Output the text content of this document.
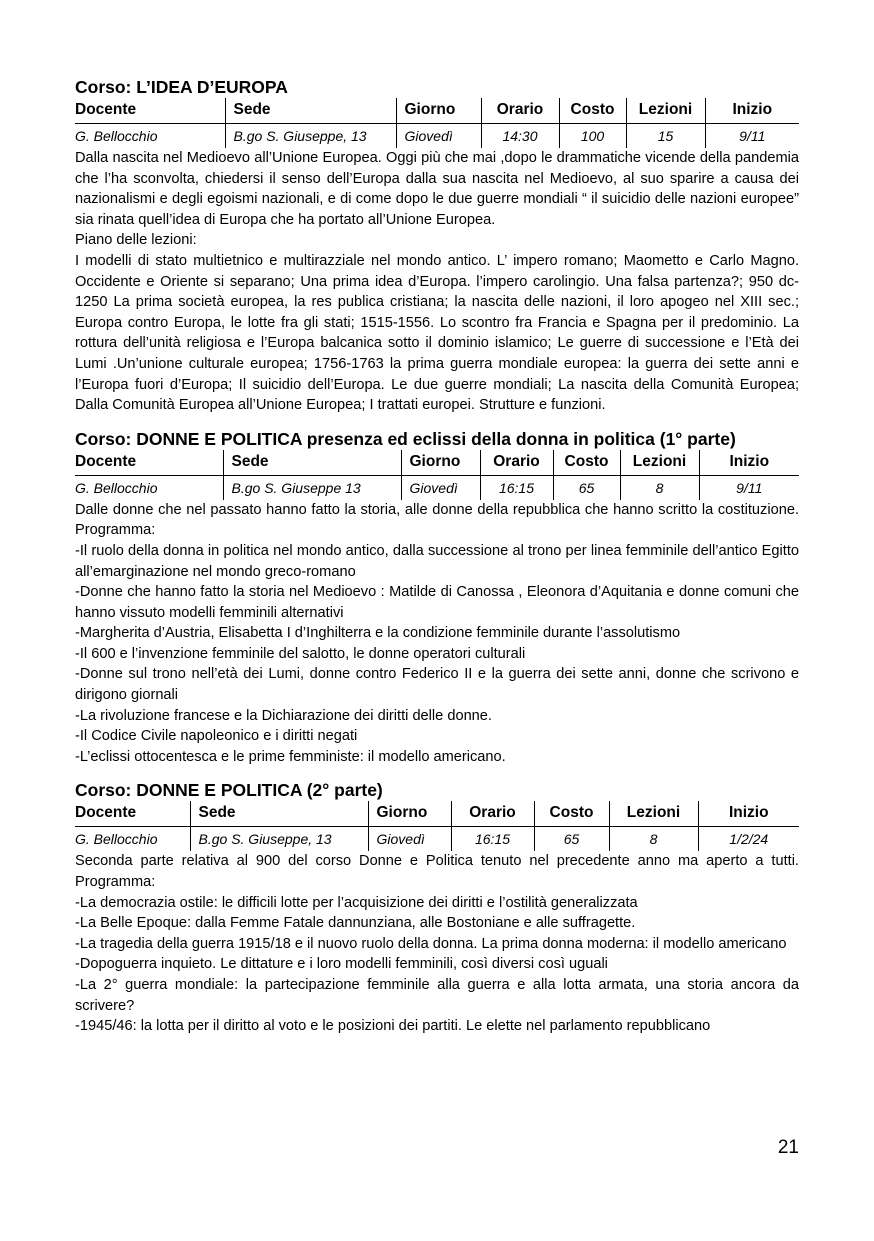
Corso: L’IDEA D’EUROPA
Docente	Sede	Giorno	Orario	Costo	Lezioni	Inizio
G. Bellocchio	B.go S. Giuseppe, 13	Giovedì	14:30	100	15	9/11

Dalla nascita nel Medioevo all’Unione Europea. Oggi più che mai ,dopo le drammatiche vicende della pandemia che l’ha sconvolta, chiedersi il senso dell’Europa dalla sua nascita nel Medioevo, al suo sparire a causa dei nazionalismi e degli egoismi nazionali, e di come dopo le due guerre mondiali “ il suicidio delle nazioni europee” sia rinata quell’idea di Europa che ha portato all’Unione Europea.

Piano delle lezioni:

I modelli di stato multietnico e multirazziale nel mondo antico. L’ impero romano; Maometto e Carlo Magno. Occidente e Oriente si separano; Una prima idea d’Europa. l’impero carolingio. Una falsa partenza?; 950 dc-1250 La prima società europea, la res publica cristiana; la nascita delle nazioni, il loro apogeo nel XIII sec.; Europa contro Europa, le lotte fra gli stati; 1515-1556. Lo scontro fra Francia e Spagna per il predominio. La rottura dell’unità religiosa e l’Europa balcanica sotto il dominio islamico; Le guerre di successione e l’Età dei Lumi .Un’unione culturale europea; 1756-1763 la prima guerra mondiale europea: la guerra dei sette anni e l’Europa fuori d’Europa; Il suicidio dell’Europa. Le due guerre mondiali; La nascita della Comunità Europea; Dalla Comunità Europea all’Unione Europea; I trattati europei. Strutture e funzioni.

Corso: DONNE E POLITICA presenza ed eclissi della donna in politica (1° parte)
Docente	Sede	Giorno	Orario	Costo	Lezioni	Inizio
G. Bellocchio	B.go S. Giuseppe 13	Giovedì	16:15	65	8	9/11

Dalle donne che nel passato hanno fatto la storia, alle donne della repubblica che hanno scritto la costituzione. Programma:

-Il ruolo della donna in politica nel mondo antico, dalla successione al trono per linea femminile dell’antico Egitto all’emarginazione nel mondo greco-romano

-Donne che hanno fatto la storia nel Medioevo : Matilde di Canossa , Eleonora d’Aquitania e donne comuni che hanno vissuto modelli femminili alternativi

-Margherita d’Austria, Elisabetta I d’Inghilterra e la condizione femminile durante l’assolutismo

-Il 600 e l’invenzione femminile del salotto, le donne operatori culturali

-Donne sul trono nell’età dei Lumi, donne contro Federico II e la guerra dei sette anni, donne che scrivono e dirigono giornali

-La rivoluzione francese e la Dichiarazione dei diritti delle donne.

-Il Codice Civile napoleonico e i diritti negati

-L’eclissi ottocentesca e le prime femministe: il modello americano.

Corso: DONNE E POLITICA (2° parte)
Docente	Sede	Giorno	Orario	Costo	Lezioni	Inizio
G. Bellocchio	B.go S. Giuseppe, 13	Giovedì	16:15	65	8	1/2/24

Seconda parte relativa al 900 del corso Donne e Politica tenuto nel precedente anno ma aperto a tutti. Programma:

-La democrazia ostile: le difficili lotte per l’acquisizione dei diritti e l’ostilità generalizzata

-La Belle Epoque: dalla Femme Fatale dannunziana, alle Bostoniane e alle suffragette.

-La tragedia della guerra 1915/18 e il nuovo ruolo della donna. La prima donna moderna: il modello americano

-Dopoguerra inquieto. Le dittature e i loro modelli femminili, così diversi così uguali

-La 2° guerra mondiale: la partecipazione femminile alla guerra e alla lotta armata, una storia ancora da scrivere?

-1945/46: la lotta per il diritto al voto e le posizioni dei partiti. Le elette nel parlamento repubblicano

21
